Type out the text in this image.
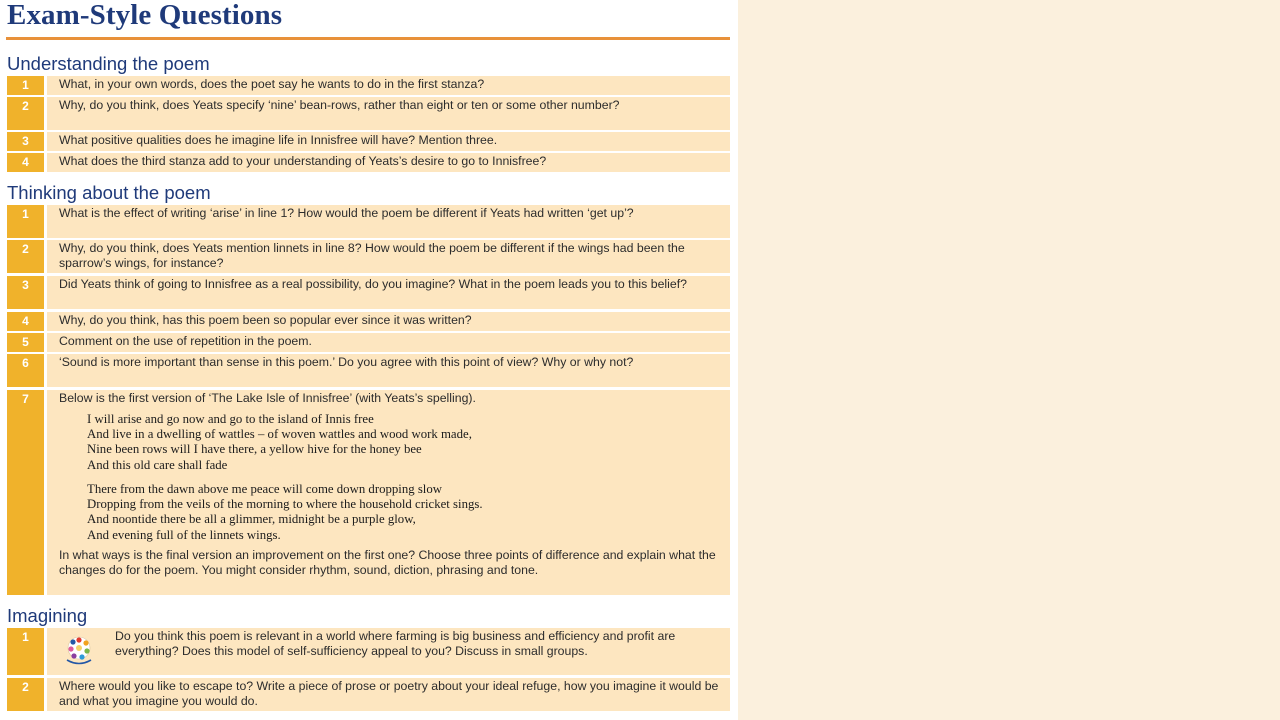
Exam-Style Questions
Understanding the poem
1	What, in your own words, does the poet say he wants to do in the first stanza?
2	Why, do you think, does Yeats specify ‘nine’ bean-rows, rather than eight or ten or some other number?
3	What positive qualities does he imagine life in Innisfree will have? Mention three.
4	What does the third stanza add to your understanding of Yeats’s desire to go to Innisfree?
Thinking about the poem
1	What is the effect of writing ‘arise’ in line 1? How would the poem be different if Yeats had written ‘get up’?
2	Why, do you think, does Yeats mention linnets in line 8? How would the poem be different if the wings had been the sparrow’s wings, for instance?
3	Did Yeats think of going to Innisfree as a real possibility, do you imagine? What in the poem leads you to this belief?
4	Why, do you think, has this poem been so popular ever since it was written?
5	Comment on the use of repetition in the poem.
6	‘Sound is more important than sense in this poem.’ Do you agree with this point of view? Why or why not?
7	Below is the first version of ‘The Lake Isle of Innisfree’ (with Yeats’s spelling).
I will arise and go now and go to the island of Innis free
And live in a dwelling of wattles – of woven wattles and wood work made,
Nine been rows will I have there, a yellow hive for the honey bee
And this old care shall fade
There from the dawn above me peace will come down dropping slow
Dropping from the veils of the morning to where the household cricket sings.
And noontide there be all a glimmer, midnight be a purple glow,
And evening full of the linnets wings.
In what ways is the final version an improvement on the first one? Choose three points of difference and explain what the changes do for the poem. You might consider rhythm, sound, diction, phrasing and tone.
Imagining
1	Do you think this poem is relevant in a world where farming is big business and efficiency and profit are everything? Does this model of self-sufficiency appeal to you? Discuss in small groups.
2	Where would you like to escape to? Write a piece of prose or poetry about your ideal refuge, how you imagine it would be and what you imagine you would do.
